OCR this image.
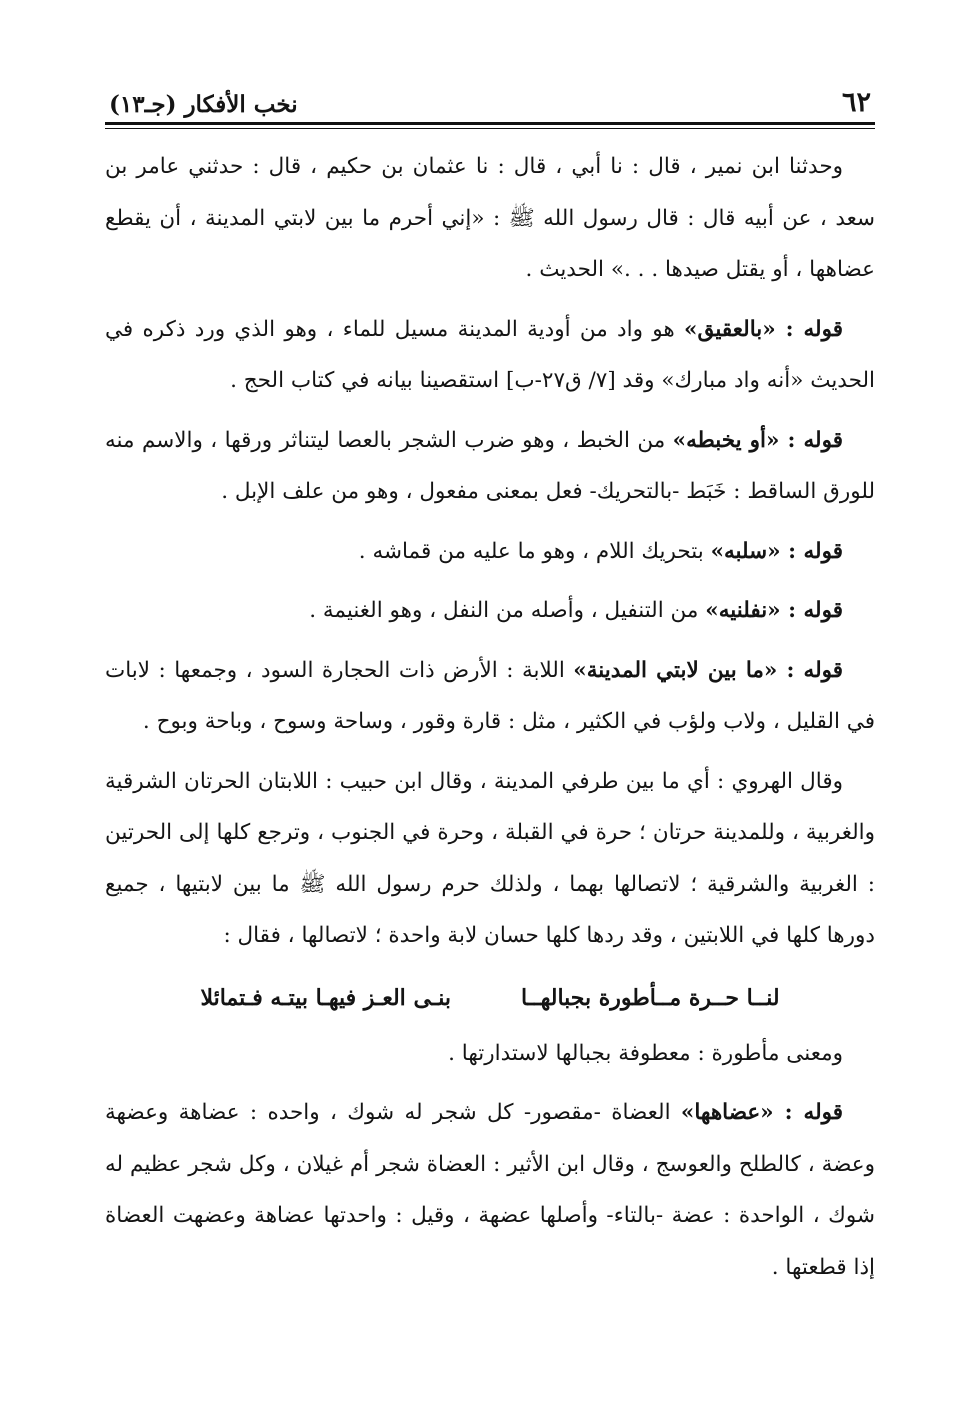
٦٢
نخب الأفكار (جـ١٣)

وحدثنا ابن نمير ، قال : نا أبي ، قال : نا عثمان بن حكيم ، قال : حدثني عامر بن سعد ، عن أبيه قال : قال رسول الله ﷺ : «إني أحرم ما بين لابتي المدينة ، أن يقطع عضاهها ، أو يقتل صيدها . . .» الحديث .

قوله : «بالعقيق» هو واد من أودية المدينة مسيل للماء ، وهو الذي ورد ذكره في الحديث «أنه واد مبارك» وقد [٧/ ق٢٧-ب] استقصينا بيانه في كتاب الحج .

قوله : «أو يخبطه» من الخبط ، وهو ضرب الشجر بالعصا ليتناثر ورقها ، والاسم منه للورق الساقط : خَبَط -بالتحريك- فعل بمعنى مفعول ، وهو من علف الإبل .

قوله : «سلبه» بتحريك اللام ، وهو ما عليه من قماشه .

قوله : «نفلنيه» من التنفيل ، وأصله من النفل ، وهو الغنيمة .

قوله : «ما بين لابتي المدينة» اللابة : الأرض ذات الحجارة السود ، وجمعها : لابات في القليل ، ولاب ولؤب في الكثير ، مثل : قارة وقور ، وساحة وسوح ، وباحة وبوح .

وقال الهروي : أي ما بين طرفي المدينة ، وقال ابن حبيب : اللابتان الحرتان الشرقية والغربية ، وللمدينة حرتان ؛ حرة في القبلة ، وحرة في الجنوب ، وترجع كلها إلى الحرتين : الغربية والشرقية ؛ لاتصالها بهما ، ولذلك حرم رسول الله ﷺ ما بين لابتيها ، جميع دورها كلها في اللابتين ، وقد ردها كلها حسان لابة واحدة ؛ لاتصالها ، فقال :

لنــا حــرة مــأطورة بجبالهــا
بنـى العـز فيهـا بيتـه فـتمائلا

ومعنى مأطورة : معطوفة بجبالها لاستدارتها .

قوله : «عضاهها» العضاة -مقصور- كل شجر له شوك ، واحده : عضاهة وعضهة وعضة ، كالطلح والعوسج ، وقال ابن الأثير : العضاة شجر أم غيلان ، وكل شجر عظيم له شوك ، الواحدة : عضة -بالتاء- وأصلها عضهة ، وقيل : واحدتها عضاهة وعضهت العضاة إذا قطعتها .
